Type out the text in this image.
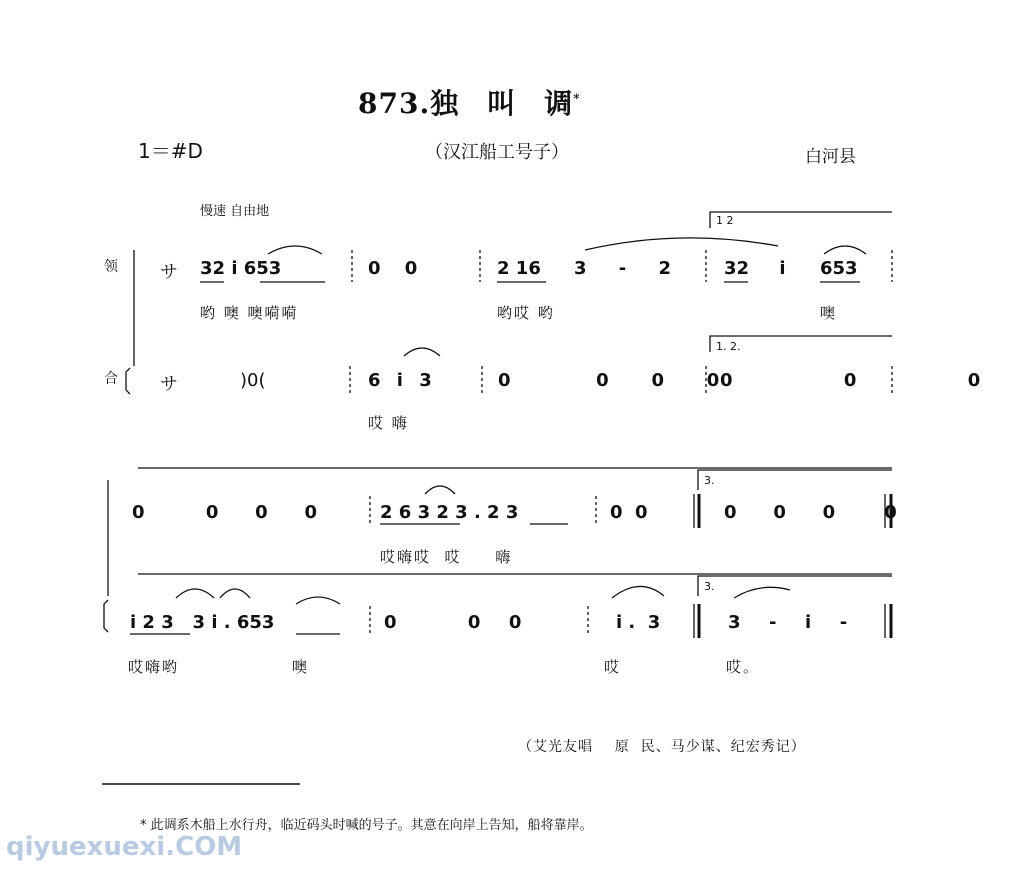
873.独 叫 调*
1＝#D	（汉江船工号子）	白河县
慢速 自由地
领
合
サ 32 i 653	0 0	2 16 3 - 2	32 i 653
1 2
哟 噢 噢嗬嗬	哟哎 哟	噢
サ	)0(	6 i 3	0      0   0   0 0     0     0
1. 2.
哎 嗨
0     0   0   0	2 6 3 2 3 . 2 3	0  0	0   0   0    0
3.
哎嗨哎  哎     嗨
i 2 3   3 i . 653	0     0  0	i .  3	3  -  i  -
3.
哎嗨哟	噢	哎	哎。
（艾光友唱    原  民、马少谋、纪宏秀记）
* 此调系木船上水行舟，临近码头时喊的号子。其意在向岸上告知，船将靠岸。
qiyuexuexi.COM
